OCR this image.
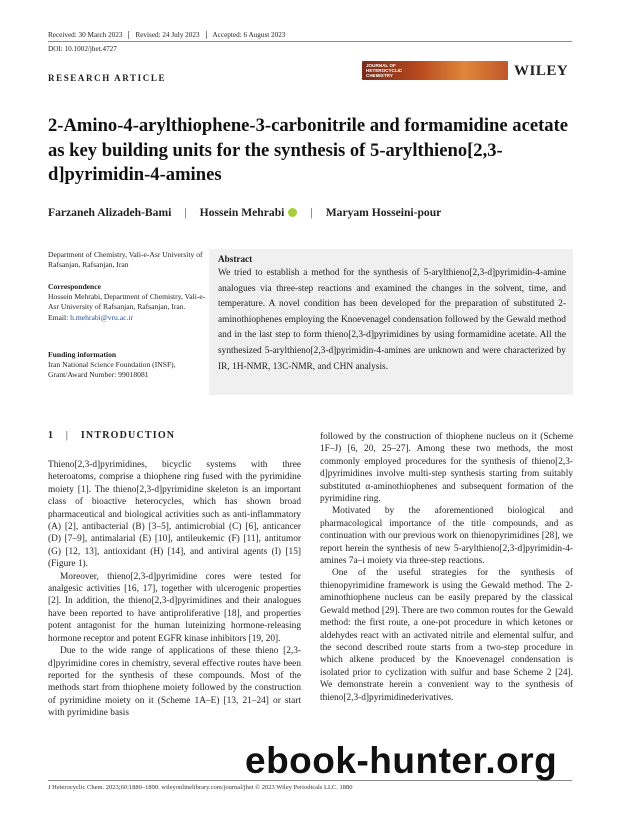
Received: 30 March 2023	Revised: 24 July 2023	Accepted: 6 August 2023
DOI: 10.1002/jhet.4727
RESEARCH ARTICLE
JOURNAL OF HETEROCYCLIC CHEMISTRY	WILEY
2-Amino-4-arylthiophene-3-carbonitrile and formamidine acetate as key building units for the synthesis of 5-arylthieno[2,3-d]pyrimidin-4-amines
Farzaneh Alizadeh-Bami | Hossein Mehrabi | Maryam Hosseini-pour
Department of Chemistry, Vali-e-Asr University of Rafsanjan, Rafsanjan, Iran
Correspondence
Hossein Mehrabi, Department of Chemistry, Vali-e-Asr University of Rafsanjan, Rafsanjan, Iran.
Email: h.mehrabi@vru.ac.ir
Funding information
Iran National Science Foundation (INSF), Grant/Award Number: 99018081
Abstract
We tried to establish a method for the synthesis of 5-arylthieno[2,3-d]pyrimidin-4-amine analogues via three-step reactions and examined the changes in the solvent, time, and temperature. A novel condition has been developed for the preparation of substituted 2-aminothiophenes employing the Knoevenagel condensation followed by the Gewald method and in the last step to form thieno[2,3-d]pyrimidines by using formamidine acetate. All the synthesized 5-arylthieno[2,3-d]pyrimidin-4-amines are unknown and were characterized by IR, 1H-NMR, 13C-NMR, and CHN analysis.
1 | INTRODUCTION

Thieno[2,3-d]pyrimidines, bicyclic systems with three heteroatoms, comprise a thiophene ring fused with the pyrimidine moiety [1]. The thieno[2,3-d]pyrimidine skeleton is an important class of bioactive heterocycles, which has shown broad pharmaceutical and biological activities such as anti-inflammatory (A) [2], antibacterial (B) [3–5], antimicrobial (C) [6], anticancer (D) [7–9], antimalarial (E) [10], antileukemic (F) [11], antitumor (G) [12, 13], antioxidant (H) [14], and antiviral agents (I) [15] (Figure 1).

Moreover, thieno[2,3-d]pyrimidine cores were tested for analgesic activities [16, 17], together with ulcerogenic properties [2]. In addition, the thieno[2,3-d]pyrimidines and their analogues have been reported to have antiproliferative [18], and properties potent antagonist for the human luteinizing hormone-releasing hormone receptor and potent EGFR kinase inhibitors [19, 20].

Due to the wide range of applications of these thieno [2,3-d]pyrimidine cores in chemistry, several effective routes have been reported for the synthesis of these compounds. Most of the methods start from thiophene moiety followed by the construction of pyrimidine moiety on it (Scheme 1A–E) [13, 21–24] or start with pyrimidine basis

followed by the construction of thiophene nucleus on it (Scheme 1F–J) [6, 20, 25–27]. Among these two methods, the most commonly employed procedures for the synthesis of thieno[2,3-d]pyrimidines involve multi-step synthesis starting from suitably substituted α-aminothiophenes and subsequent formation of the pyrimidine ring.

Motivated by the aforementioned biological and pharmacological importance of the title compounds, and as continuation with our previous work on thienopyrimidines [28], we report herein the synthesis of new 5-arylthieno[2,3-d]pyrimidin-4-amines 7a–i moiety via three-step reactions.

One of the useful strategies for the synthesis of thienopyrimidine framework is using the Gewald method. The 2-aminothiophene nucleus can be easily prepared by the classical Gewald method [29]. There are two common routes for the Gewald method: the first route, a one-pot procedure in which ketones or aldehydes react with an activated nitrile and elemental sulfur, and the second described route starts from a two-step procedure in which alkene produced by the Knoevenagel condensation is isolated prior to cyclization with sulfur and base Scheme 2 [24]. We demonstrate herein a convenient way to the synthesis of thieno[2,3-d]pyrimidinederivatives.

J Heterocyclic Chem. 2023;60:1880–1890. wileyonlinelibrary.com/journal/jhet © 2023 Wiley Periodicals LLC. 1880
ebook-hunter.org
